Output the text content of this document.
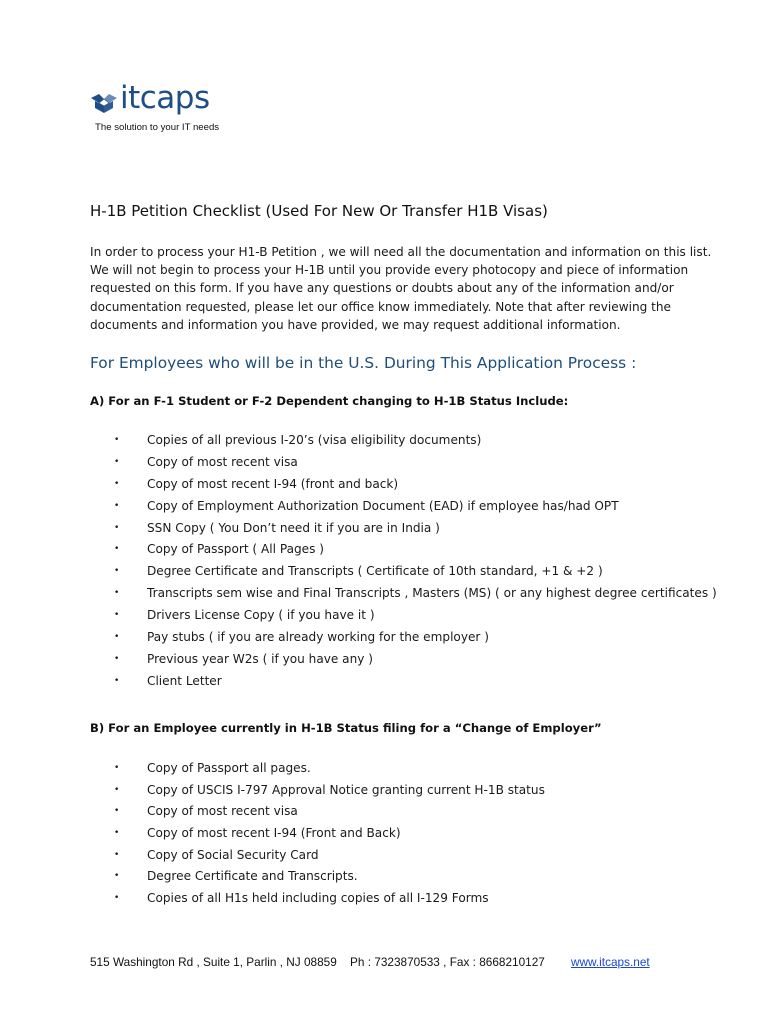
itcaps
The solution to your IT needs
H-1B Petition Checklist (Used For New Or Transfer H1B Visas)
In order to process your H1-B Petition , we will need all the documentation and information on this list.
We will not begin to process your H-1B until you provide every photocopy and piece of information
requested on this form. If you have any questions or doubts about any of the information and/or
documentation requested, please let our office know immediately. Note that after reviewing the
documents and information you have provided, we may request additional information.
For Employees who will be in the U.S. During This Application Process :
A) For an F-1 Student or F-2 Dependent changing to H-1B Status Include:
• Copies of all previous I-20’s (visa eligibility documents)
• Copy of most recent visa
• Copy of most recent I-94 (front and back)
• Copy of Employment Authorization Document (EAD) if employee has/had OPT
• SSN Copy ( You Don’t need it if you are in India )
• Copy of Passport ( All Pages )
• Degree Certificate and Transcripts ( Certificate of 10th standard, +1 & +2 )
• Transcripts sem wise and Final Transcripts , Masters (MS) ( or any highest degree certificates )
• Drivers License Copy ( if you have it )
• Pay stubs ( if you are already working for the employer )
• Previous year W2s ( if you have any )
• Client Letter
B) For an Employee currently in H-1B Status filing for a “Change of Employer”
• Copy of Passport all pages.
• Copy of USCIS I-797 Approval Notice granting current H-1B status
• Copy of most recent visa
• Copy of most recent I-94 (Front and Back)
• Copy of Social Security Card
• Degree Certificate and Transcripts.
• Copies of all H1s held including copies of all I-129 Forms
515 Washington Rd , Suite 1, Parlin , NJ 08859 Ph : 7323870533 , Fax : 8668210127 www.itcaps.net
